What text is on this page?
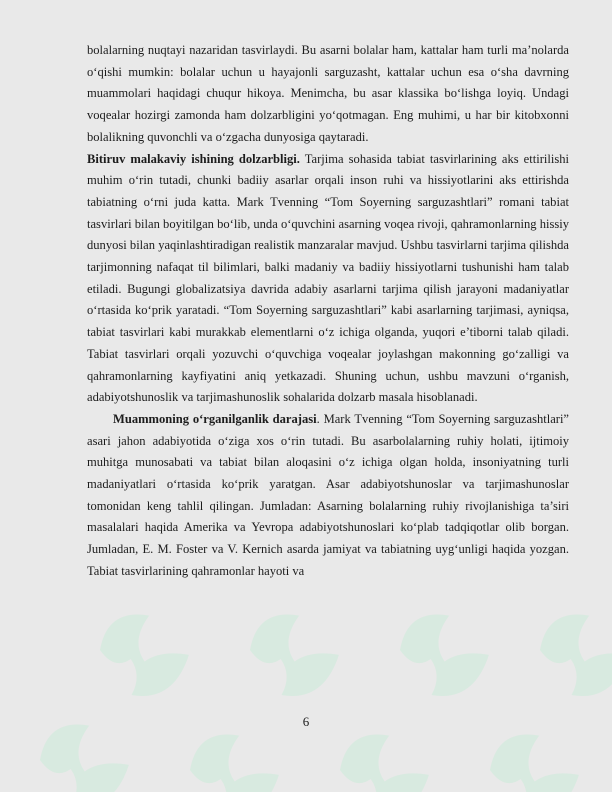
bolalarning nuqtayi nazaridan tasvirlaydi. Bu asarni bolalar ham, kattalar ham turli ma’nolarda o‘qishi mumkin: bolalar uchun u hayajonli sarguzasht, kattalar uchun esa o‘sha davrning muammolari haqidagi chuqur hikoya. Menimcha, bu asar klassika bo‘lishga loyiq. Undagi voqealar hozirgi zamonda ham dolzarbligini yo‘qotmagan. Eng muhimi, u har bir kitobxonni bolalikning quvonchli va o‘zgacha dunyosiga qaytaradi.

Bitiruv malakaviy ishining dolzarbligi. Tarjima sohasida tabiat tasvirlarining aks ettirilishi muhim o‘rin tutadi, chunki badiiy asarlar orqali inson ruhi va hissiyotlarini aks ettirishda tabiatning o‘rni juda katta. Mark Tvenning “Tom Soyerning sarguzashtlari” romani tabiat tasvirlari bilan boyitilgan bo‘lib, unda o‘quvchini asarning voqea rivoji, qahramonlarning hissiy dunyosi bilan yaqinlashtiradigan realistik manzaralar mavjud. Ushbu tasvirlarni tarjima qilishda tarjimonning nafaqat til bilimlari, balki madaniy va badiiy hissiyotlarni tushunishi ham talab etiladi. Bugungi globalizatsiya davrida adabiy asarlarni tarjima qilish jarayoni madaniyatlar o‘rtasida ko‘prik yaratadi. “Tom Soyerning sarguzashtlari” kabi asarlarning tarjimasi, ayniqsa, tabiat tasvirlari kabi murakkab elementlarni o‘z ichiga olganda, yuqori e’tiborni talab qiladi. Tabiat tasvirlari orqali yozuvchi o‘quvchiga voqealar joylashgan makonning go‘zalligi va qahramonlarning kayfiyatini aniq yetkazadi. Shuning uchun, ushbu mavzuni o‘rganish, adabiyotshunoslik va tarjimashunoslik sohalarida dolzarb masala hisoblanadi.

Muammoning o‘rganilganlik darajasi. Mark Tvenning “Tom Soyerning sarguzashtlari” asari jahon adabiyotida o‘ziga xos o‘rin tutadi. Bu asarbolalarning ruhiy holati, ijtimoiy muhitga munosabati va tabiat bilan aloqasini o‘z ichiga olgan holda, insoniyatning turli madaniyatlari o‘rtasida ko‘prik yaratgan. Asar adabiyotshunoslar va tarjimashunoslar tomonidan keng tahlil qilingan. Jumladan: Asarning bolalarning ruhiy rivojlanishiga ta’siri masalalari haqida Amerika va Yevropa adabiyotshunoslari ko‘plab tadqiqotlar olib borgan. Jumladan, E. M. Foster va V. Kernich asarda jamiyat va tabiatning uyg‘unligi haqida yozgan. Tabiat tasvirlarining qahramonlar hayoti va

6
